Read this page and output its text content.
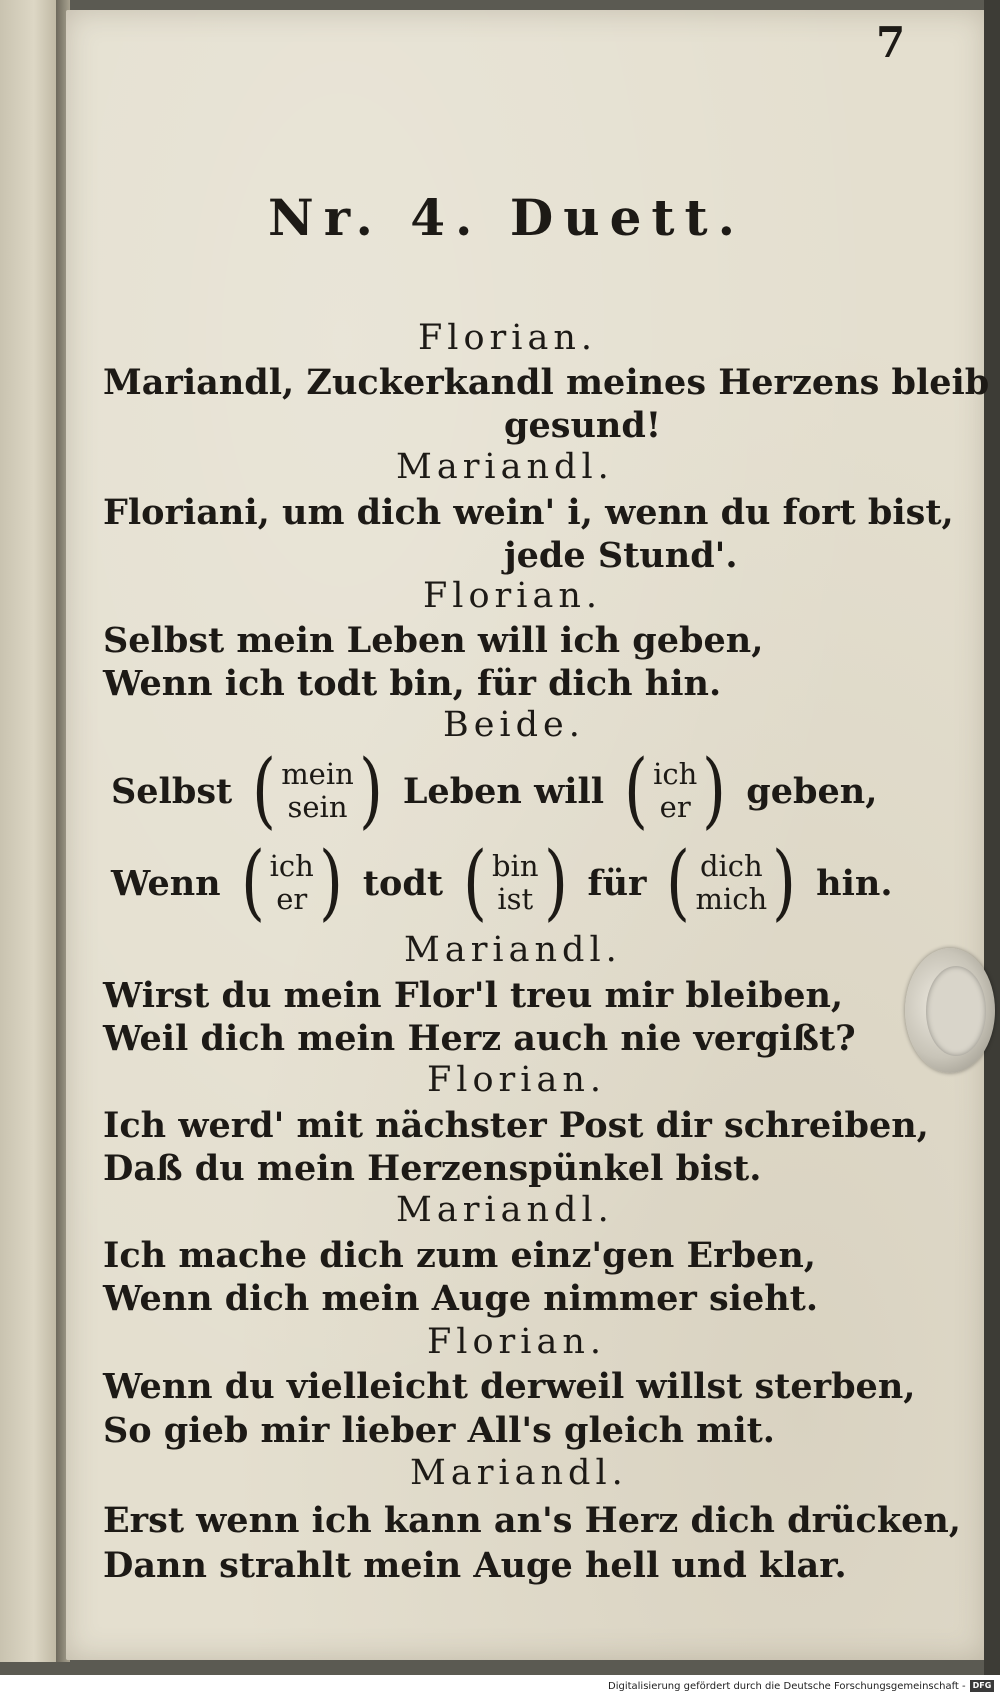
7
Nr. 4. Duett.
Florian.
Mariandl, Zuckerkandl meines Herzens bleib
gesund!
Mariandl.
Floriani, um dich wein' i, wenn du fort bist,
jede Stund'.
Florian.
Selbst mein Leben will ich geben,
Wenn ich todt bin, für dich hin.
Beide.
Selbst ( mein
sein ) Leben will ( ich
er ) geben,
Wenn ( ich
er ) todt ( bin
ist ) für ( dich
mich ) hin.
Mariandl.
Wirst du mein Flor'l treu mir bleiben,
Weil dich mein Herz auch nie vergißt?
Florian.
Ich werd' mit nächster Post dir schreiben,
Daß du mein Herzenspünkel bist.
Mariandl.
Ich mache dich zum einz'gen Erben,
Wenn dich mein Auge nimmer sieht.
Florian.
Wenn du vielleicht derweil willst sterben,
So gieb mir lieber All's gleich mit.
Mariandl.
Erst wenn ich kann an's Herz dich drücken,
Dann strahlt mein Auge hell und klar.
Digitalisierung gefördert durch die Deutsche Forschungsgemeinschaft - DFG
